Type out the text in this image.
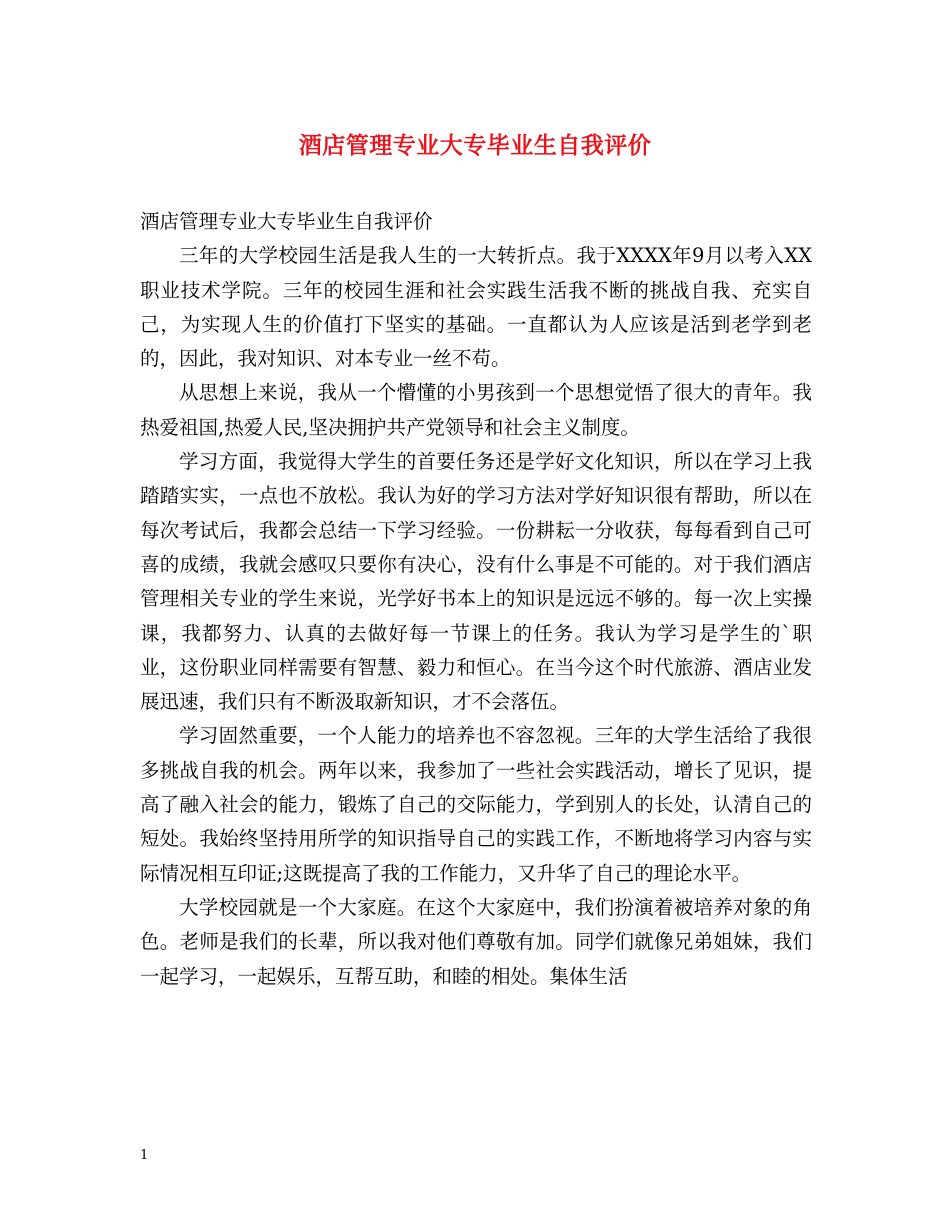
酒店管理专业大专毕业生自我评价

酒店管理专业大专毕业生自我评价

三年的大学校园生活是我人生的一大转折点。我于XXXX年9月以考入XX职业技术学院。三年的校园生涯和社会实践生活我不断的挑战自我、充实自己，为实现人生的价值打下坚实的基础。一直都认为人应该是活到老学到老的，因此，我对知识、对本专业一丝不苟。

从思想上来说，我从一个懵懂的小男孩到一个思想觉悟了很大的青年。我热爱祖国,热爱人民,坚决拥护共产党领导和社会主义制度。

学习方面，我觉得大学生的首要任务还是学好文化知识，所以在学习上我踏踏实实，一点也不放松。我认为好的学习方法对学好知识很有帮助，所以在每次考试后，我都会总结一下学习经验。一份耕耘一分收获，每每看到自己可喜的成绩，我就会感叹只要你有决心，没有什么事是不可能的。对于我们酒店管理相关专业的学生来说，光学好书本上的知识是远远不够的。每一次上实操课，我都努力、认真的去做好每一节课上的任务。我认为学习是学生的`职业，这份职业同样需要有智慧、毅力和恒心。在当今这个时代旅游、酒店业发展迅速，我们只有不断汲取新知识，才不会落伍。

学习固然重要，一个人能力的培养也不容忽视。三年的大学生活给了我很多挑战自我的机会。两年以来，我参加了一些社会实践活动，增长了见识，提高了融入社会的能力，锻炼了自己的交际能力，学到别人的长处，认清自己的短处。我始终坚持用所学的知识指导自己的实践工作，不断地将学习内容与实际情况相互印证;这既提高了我的工作能力，又升华了自己的理论水平。

大学校园就是一个大家庭。在这个大家庭中，我们扮演着被培养对象的角色。老师是我们的长辈，所以我对他们尊敬有加。同学们就像兄弟姐妹，我们一起学习，一起娱乐，互帮互助，和睦的相处。集体生活

1
